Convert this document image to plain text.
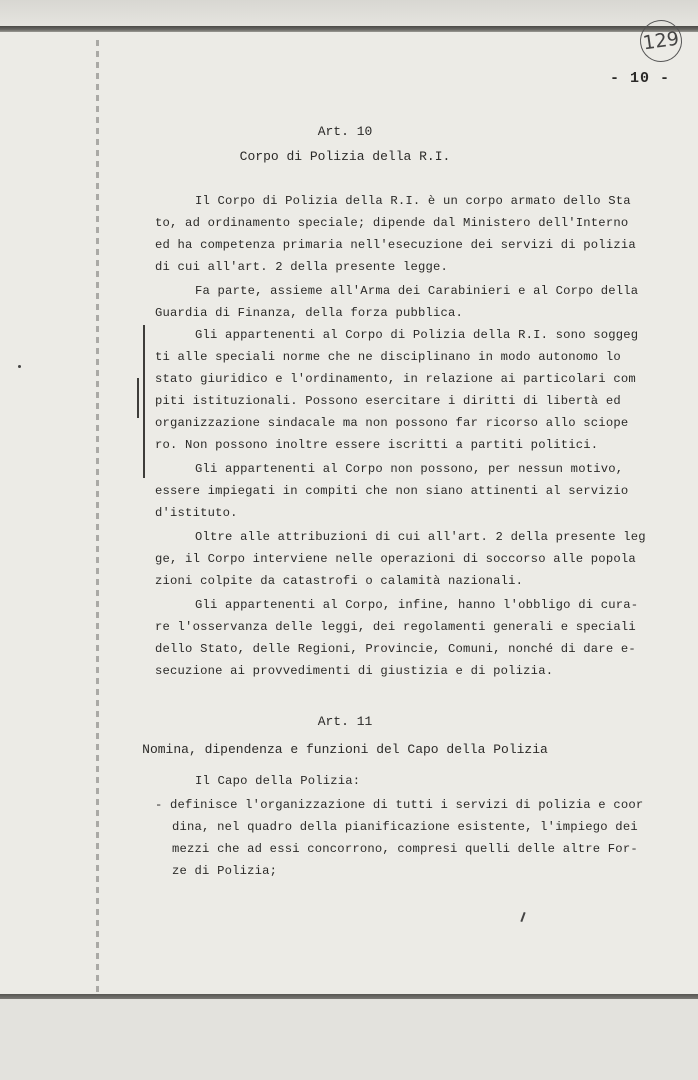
129
- 10 -
Art. 10
Corpo di Polizia della R.I.
Il Corpo di Polizia della R.I. è un corpo armato dello Sta
to, ad ordinamento speciale; dipende dal Ministero dell'Interno
ed ha competenza primaria nell'esecuzione dei servizi di polizia
di cui all'art. 2 della presente legge.
Fa parte, assieme all'Arma dei Carabinieri e al Corpo della
Guardia di Finanza, della forza pubblica.
Gli appartenenti al Corpo di Polizia della R.I. sono soggeg
ti alle speciali norme che ne disciplinano in modo autonomo lo
stato giuridico e l'ordinamento, in relazione ai particolari com
piti istituzionali. Possono esercitare i diritti di libertà ed
organizzazione sindacale ma non possono far ricorso allo sciope
ro. Non possono inoltre essere iscritti a partiti politici.
Gli appartenenti al Corpo non possono, per nessun motivo,
essere impiegati in compiti che non siano attinenti al servizio
d'istituto.
Oltre alle attribuzioni di cui all'art. 2 della presente leg
ge, il Corpo interviene nelle operazioni di soccorso alle popola
zioni colpite da catastrofi o calamità nazionali.
Gli appartenenti al Corpo, infine, hanno l'obbligo di cura-
re l'osservanza delle leggi, dei regolamenti generali e speciali
dello Stato, delle Regioni, Provincie, Comuni, nonché di dare e-
secuzione ai provvedimenti di giustizia e di polizia.
Art. 11
Nomina, dipendenza e funzioni del Capo della Polizia
Il Capo della Polizia:
- definisce l'organizzazione di tutti i servizi di polizia e coor
dina, nel quadro della pianificazione esistente, l'impiego dei
mezzi che ad essi concorrono, compresi quelli delle altre For-
ze di Polizia;
